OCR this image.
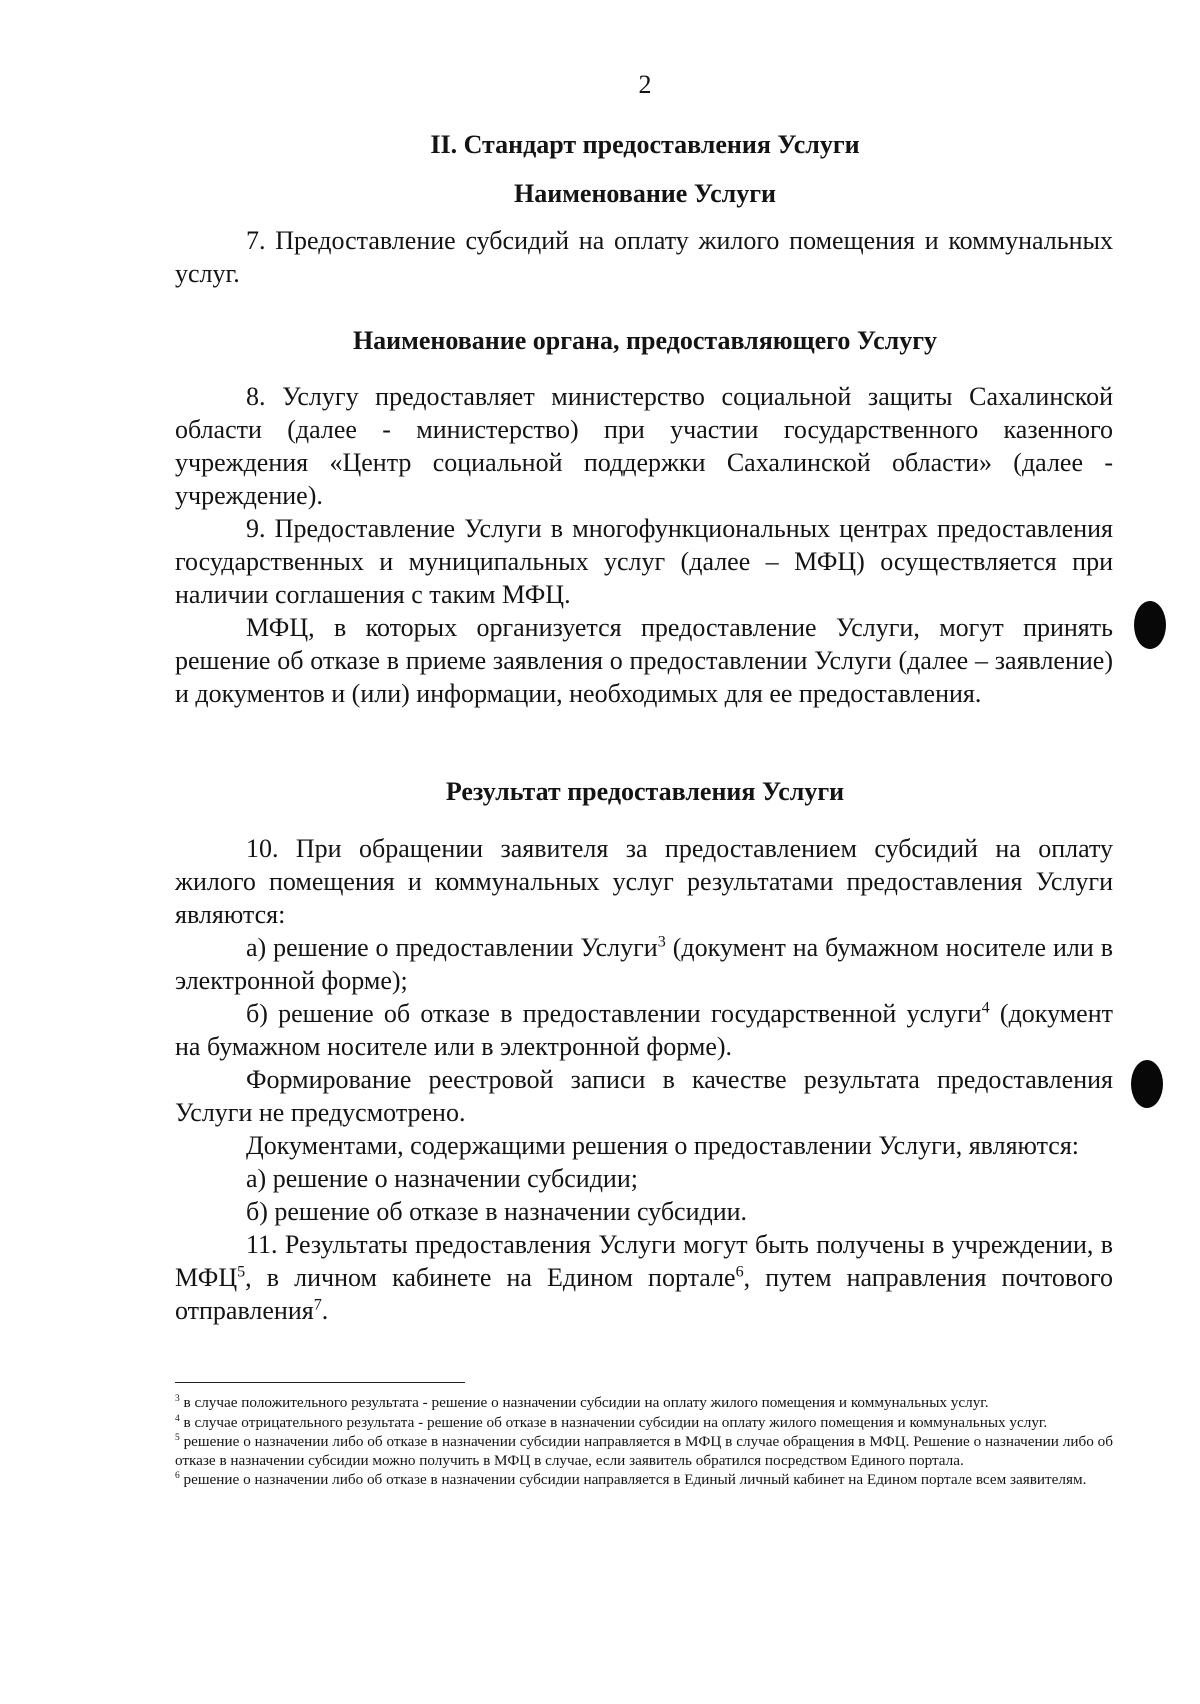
2
II. Стандарт предоставления Услуги
Наименование Услуги

7. Предоставление субсидий на оплату жилого помещения и коммунальных услуг.

Наименование органа, предоставляющего Услугу

8. Услугу предоставляет министерство социальной защиты Сахалинской области (далее - министерство) при участии государственного казенного учреждения «Центр социальной поддержки Сахалинской области» (далее - учреждение).

9. Предоставление Услуги в многофункциональных центрах предоставления государственных и муниципальных услуг (далее – МФЦ) осуществляется при наличии соглашения с таким МФЦ.

МФЦ, в которых организуется предоставление Услуги, могут принять решение об отказе в приеме заявления о предоставлении Услуги (далее – заявление) и документов и (или) информации, необходимых для ее предоставления.

Результат предоставления Услуги

10. При обращении заявителя за предоставлением субсидий на оплату жилого помещения и коммунальных услуг результатами предоставления Услуги являются:

а) решение о предоставлении Услуги$^3$ (документ на бумажном носителе или в электронной форме);

б) решение об отказе в предоставлении государственной услуги$^4$ (документ на бумажном носителе или в электронной форме).

Формирование реестровой записи в качестве результата предоставления Услуги не предусмотрено.

Документами, содержащими решения о предоставлении Услуги, являются:

а) решение о назначении субсидии;

б) решение об отказе в назначении субсидии.

11. Результаты предоставления Услуги могут быть получены в учреждении, в МФЦ$^5$, в личном кабинете на Едином портале$^6$, путем направления почтового отправления$^7$.

$^3$ в случае положительного результата - решение о назначении субсидии на оплату жилого помещения и коммунальных услуг.

$^4$ в случае отрицательного результата - решение об отказе в назначении субсидии на оплату жилого помещения и коммунальных услуг.

$^5$ решение о назначении либо об отказе в назначении субсидии направляется в МФЦ в случае обращения в МФЦ. Решение о назначении либо об отказе в назначении субсидии можно получить в МФЦ в случае, если заявитель обратился посредством Единого портала.

$^6$ решение о назначении либо об отказе в назначении субсидии направляется в Единый личный кабинет на Едином портале всем заявителям.
